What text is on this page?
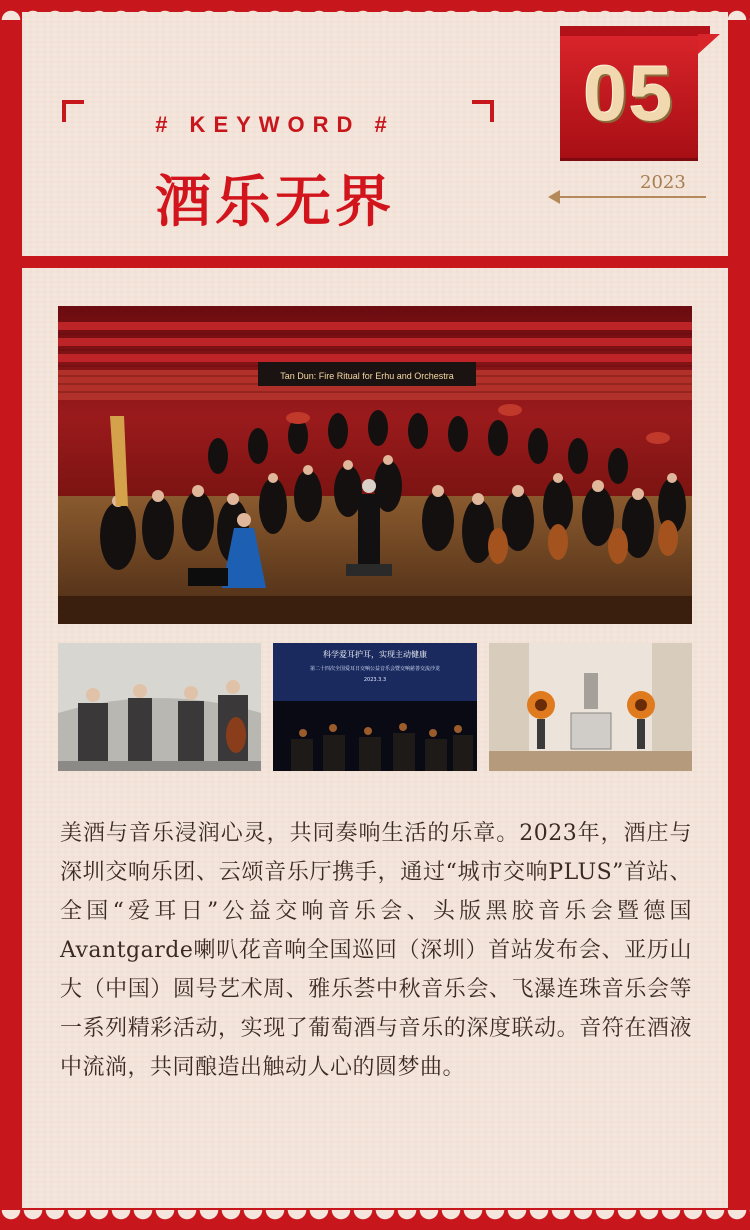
# KEYWORD #
酒乐无界
05
2023
Tan Dun: Fire Ritual for Erhu and Orchestra
科学爱耳护耳，实现主动健康
第二十四次全国爱耳日交响公益音乐会暨交响慈善交流沙龙
2023.3.3
美酒与音乐浸润心灵，共同奏响生活的乐章。2023年，酒庄与深圳交响乐团、云颂音乐厅携手，通过“城市交响PLUS”首站、全国“爱耳日”公益交响音乐会、头版黑胶音乐会暨德国Avantgarde喇叭花音响全国巡回（深圳）首站发布会、亚历山大（中国）圆号艺术周、雅乐荟中秋音乐会、飞瀑连珠音乐会等一系列精彩活动，实现了葡萄酒与音乐的深度联动。音符在酒液中流淌，共同酿造出触动人心的圆梦曲。
